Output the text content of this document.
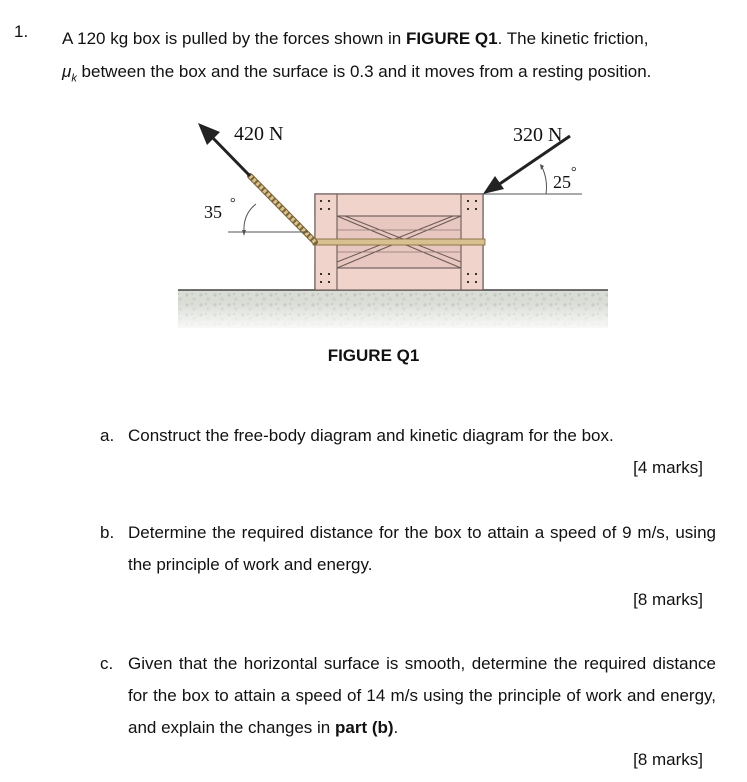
1. A 120 kg box is pulled by the forces shown in FIGURE Q1. The kinetic friction,
$\mu_k$ between the box and the surface is 0.3 and it moves from a resting position.
420 N
35 °
320 N
25 °
FIGURE Q1
a. Construct the free-body diagram and kinetic diagram for the box.
[4 marks]
b. Determine the required distance for the box to attain a speed of 9 m/s, using the principle of work and energy.
[8 marks]
c. Given that the horizontal surface is smooth, determine the required distance for the box to attain a speed of 14 m/s using the principle of work and energy, and explain the changes in part (b).
[8 marks]
